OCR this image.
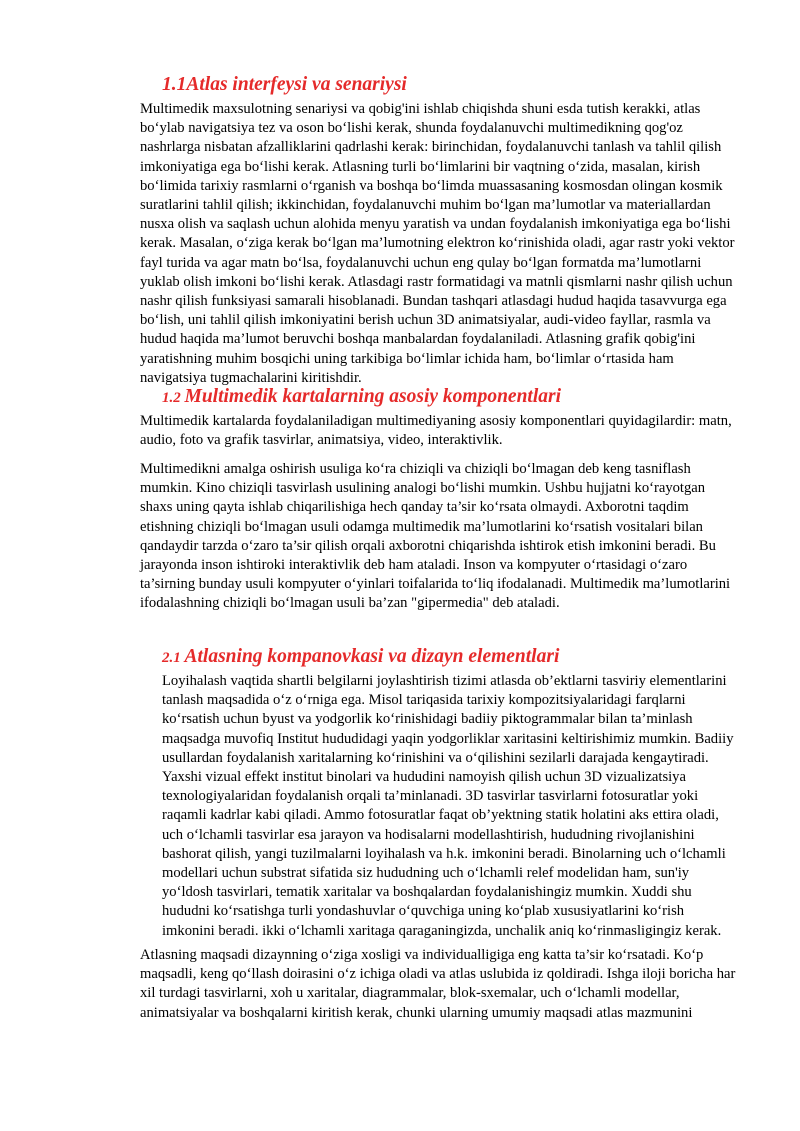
1.1Atlas interfeysi va senariysi
Multimedik maxsulotning senariysi va qobig'ini ishlab chiqishda shuni esda tutish kerakki, atlas
bo‘ylab navigatsiya tez va oson bo‘lishi kerak, shunda foydalanuvchi multimedikning qog'oz
nashrlarga nisbatan afzalliklarini qadrlashi kerak: birinchidan, foydalanuvchi tanlash va tahlil qilish
imkoniyatiga ega bo‘lishi kerak. Atlasning turli bo‘limlarini bir vaqtning o‘zida, masalan, kirish
bo‘limida tarixiy rasmlarni o‘rganish va boshqa bo‘limda muassasaning kosmosdan olingan kosmik
suratlarini tahlil qilish; ikkinchidan, foydalanuvchi muhim bo‘lgan ma’lumotlar va materiallardan
nusxa olish va saqlash uchun alohida menyu yaratish va undan foydalanish imkoniyatiga ega bo‘lishi
kerak. Masalan, o‘ziga kerak bo‘lgan ma’lumotning elektron ko‘rinishida oladi, agar rastr yoki vektor
fayl turida va agar matn bo‘lsa, foydalanuvchi uchun eng qulay bo‘lgan formatda ma’lumotlarni
yuklab olish imkoni bo‘lishi kerak. Atlasdagi rastr formatidagi va matnli qismlarni nashr qilish uchun
nashr qilish funksiyasi samarali hisoblanadi. Bundan tashqari atlasdagi hudud haqida tasavvurga ega
bo‘lish, uni tahlil qilish imkoniyatini berish uchun 3D animatsiyalar, audi-video fayllar, rasmla va
hudud haqida ma’lumot beruvchi boshqa manbalardan foydalaniladi. Atlasning grafik qobig'ini
yaratishning muhim bosqichi uning tarkibiga bo‘limlar ichida ham, bo‘limlar o‘rtasida ham
navigatsiya tugmachalarini kiritishdir.
1.2 Multimedik kartalarning asosiy komponentlari
Multimedik kartalarda foydalaniladigan multimediyaning asosiy komponentlari quyidagilardir: matn,
audio, foto va grafik tasvirlar, animatsiya, video, interaktivlik.
Multimedikni amalga oshirish usuliga ko‘ra chiziqli va chiziqli bo‘lmagan deb keng tasniflash
mumkin. Kino chiziqli tasvirlash usulining analogi bo‘lishi mumkin. Ushbu hujjatni ko‘rayotgan
shaxs uning qayta ishlab chiqarilishiga hech qanday ta’sir ko‘rsata olmaydi. Axborotni taqdim
etishning chiziqli bo‘lmagan usuli odamga multimedik ma’lumotlarini ko‘rsatish vositalari bilan
qandaydir tarzda o‘zaro ta’sir qilish orqali axborotni chiqarishda ishtirok etish imkonini beradi. Bu
jarayonda inson ishtiroki interaktivlik deb ham ataladi. Inson va kompyuter o‘rtasidagi o‘zaro
ta’sirning bunday usuli kompyuter o‘yinlari toifalarida to‘liq ifodalanadi. Multimedik ma’lumotlarini
ifodalashning chiziqli bo‘lmagan usuli ba’zan "gipermedia" deb ataladi.
2.1 Atlasning kompanovkasi va dizayn elementlari
Loyihalash vaqtida shartli belgilarni joylashtirish tizimi atlasda ob’ektlarni tasviriy elementlarini
tanlash maqsadida o‘z o‘rniga ega. Misol tariqasida tarixiy kompozitsiyalaridagi farqlarni
ko‘rsatish uchun byust va yodgorlik ko‘rinishidagi badiiy piktogrammalar bilan ta’minlash
maqsadga muvofiq Institut hududidagi yaqin yodgorliklar xaritasini keltirishimiz mumkin. Badiiy
usullardan foydalanish xaritalarning ko‘rinishini va o‘qilishini sezilarli darajada kengaytiradi.
Yaxshi vizual effekt institut binolari va hududini namoyish qilish uchun 3D vizualizatsiya
texnologiyalaridan foydalanish orqali ta’minlanadi. 3D tasvirlar tasvirlarni fotosuratlar yoki
raqamli kadrlar kabi qiladi. Ammo fotosuratlar faqat ob’yektning statik holatini aks ettira oladi,
uch o‘lchamli tasvirlar esa jarayon va hodisalarni modellashtirish, hududning rivojlanishini
bashorat qilish, yangi tuzilmalarni loyihalash va h.k. imkonini beradi. Binolarning uch o‘lchamli
modellari uchun substrat sifatida siz hududning uch o‘lchamli relef modelidan ham, sun'iy
yo‘ldosh tasvirlari, tematik xaritalar va boshqalardan foydalanishingiz mumkin. Xuddi shu
hududni ko‘rsatishga turli yondashuvlar o‘quvchiga uning ko‘plab xususiyatlarini ko‘rish
imkonini beradi. ikki o‘lchamli xaritaga qaraganingizda, unchalik aniq ko‘rinmasligingiz kerak.
Atlasning maqsadi dizaynning o‘ziga xosligi va individualligiga eng katta ta’sir ko‘rsatadi. Ko‘p
maqsadli, keng qo‘llash doirasini o‘z ichiga oladi va atlas uslubida iz qoldiradi. Ishga iloji boricha har
xil turdagi tasvirlarni, xoh u xaritalar, diagrammalar, blok-sxemalar, uch o‘lchamli modellar,
animatsiyalar va boshqalarni kiritish kerak, chunki ularning umumiy maqsadi atlas mazmunini
